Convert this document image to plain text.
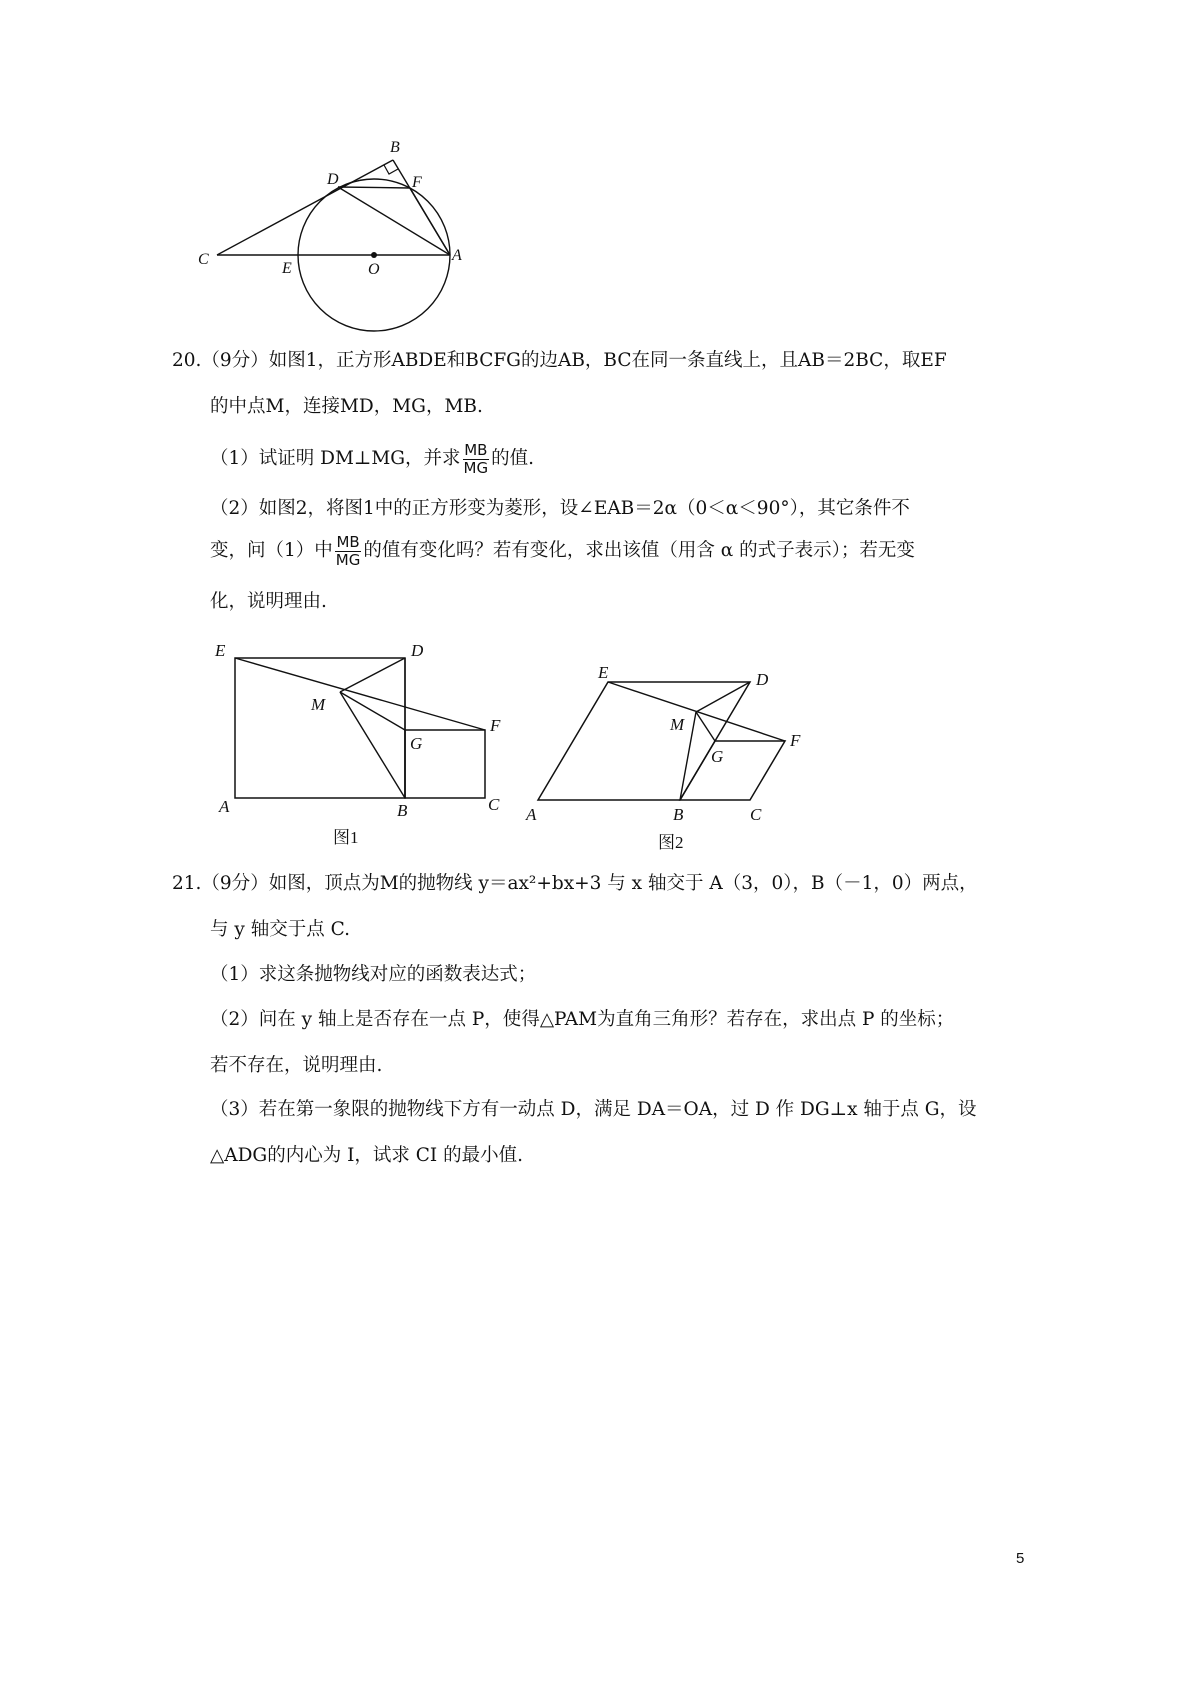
B
D	F
C
E	O
A
20.（9分）如图1，正方形ABDE和BCFG的边AB，BC在同一条直线上，且AB＝2BC，取EF
的中点M，连接MD，MG，MB.
（1）试证明 DM⊥MG，并求 $\frac{MB}{MG}$ 的值.
（2）如图2，将图1中的正方形变为菱形，设∠EAB＝2α（0＜α＜90°），其它条件不
变，问（1）中 $\frac{MB}{MG}$ 的值有变化吗？若有变化，求出该值（用含 α 的式子表示）；若无变
化，说明理由.
E	D
M
G
A	B
图1
F
C
E	D
M
F
G
A	B	C
图2
21.（9分）如图，顶点为M的抛物线 y＝ax²+bx+3 与 x 轴交于 A（3，0），B（－1，0）两点，
与 y 轴交于点 C.
（1）求这条抛物线对应的函数表达式；
（2）问在 y 轴上是否存在一点 P，使得△PAM为直角三角形？若存在，求出点 P 的坐标；
若不存在，说明理由.
（3）若在第一象限的抛物线下方有一动点 D，满足 DA＝OA，过 D 作 DG⊥x 轴于点 G，设
△ADG的内心为 I，试求 CI 的最小值.
5
